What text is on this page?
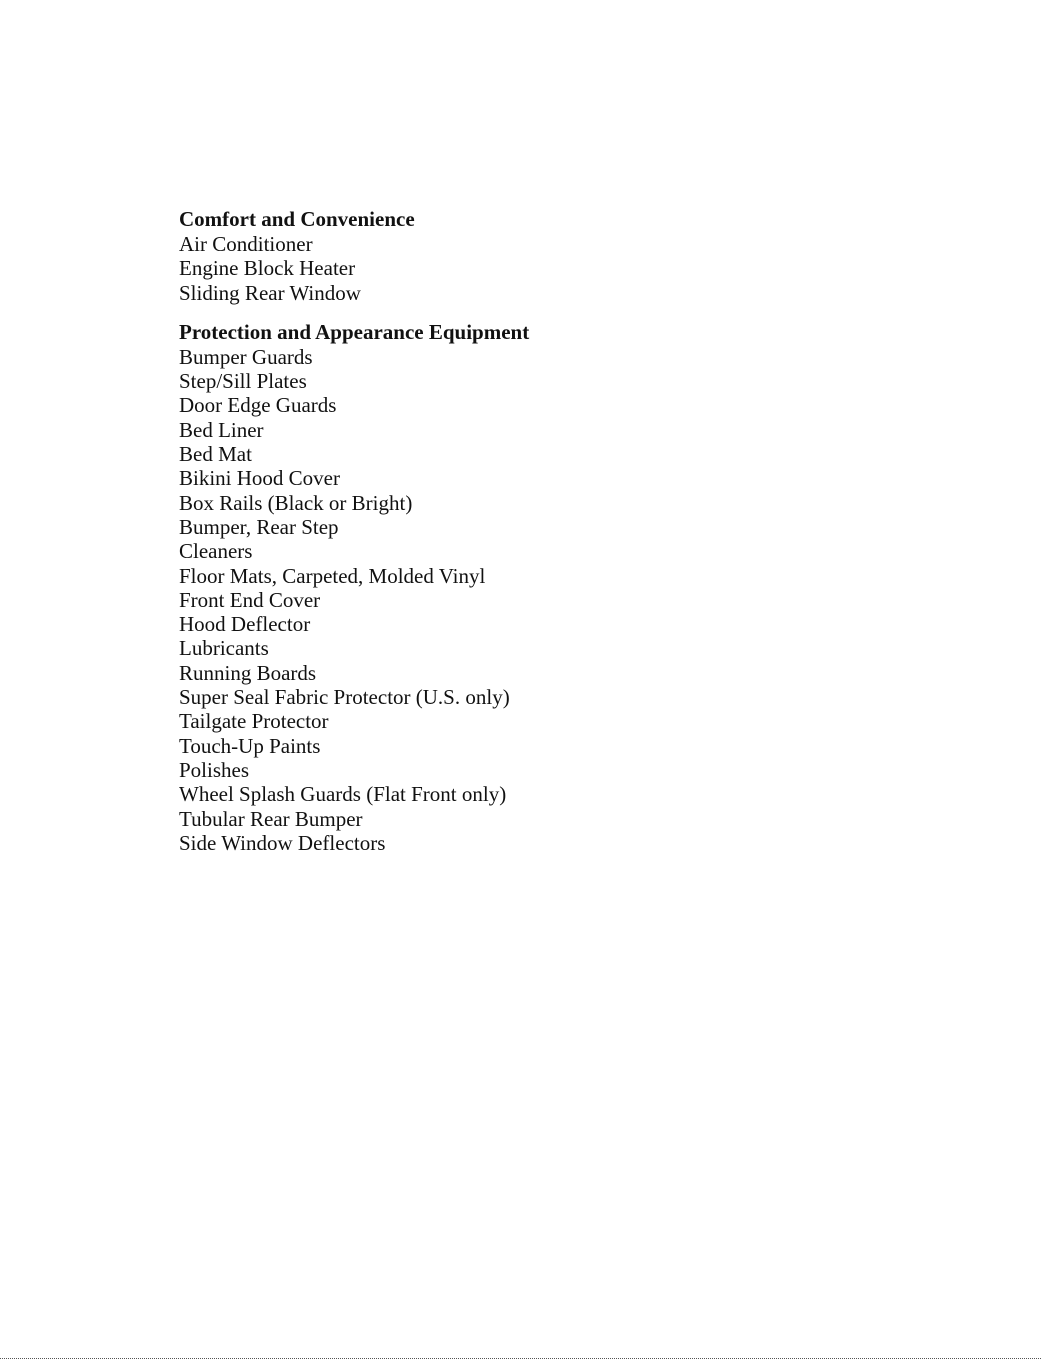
Comfort and Convenience
Air Conditioner
Engine Block Heater
Sliding Rear Window
Protection and Appearance Equipment
Bumper Guards
Step/Sill Plates
Door Edge Guards
Bed Liner
Bed Mat
Bikini Hood Cover
Box Rails (Black or Bright)
Bumper, Rear Step
Cleaners
Floor Mats, Carpeted, Molded Vinyl
Front End Cover
Hood Deflector
Lubricants
Running Boards
Super Seal Fabric Protector (U.S. only)
Tailgate Protector
Touch-Up Paints
Polishes
Wheel Splash Guards (Flat Front only)
Tubular Rear Bumper
Side Window Deflectors
